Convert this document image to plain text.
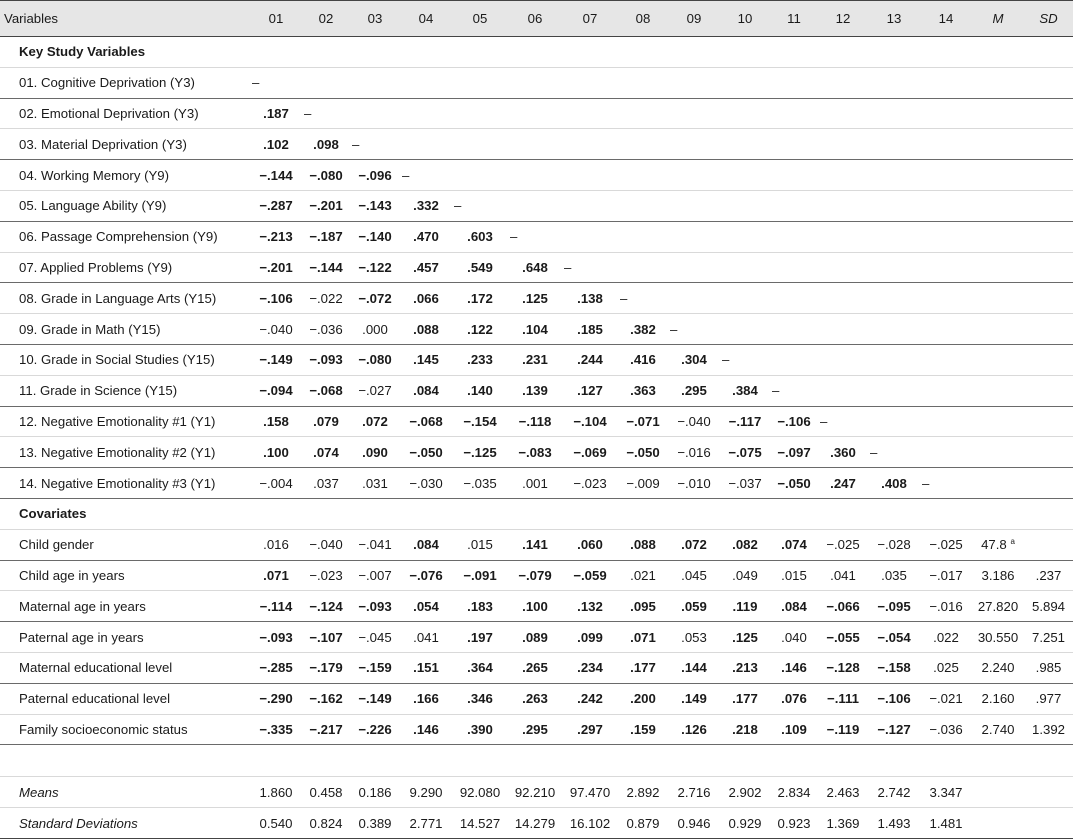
Variables	01	02	03	04	05	06	07	08	09	10	11	12	13	14	M	SD
Key Study Variables																
01. Cognitive Deprivation (Y3)	–															
02. Emotional Deprivation (Y3)	.187	–														
03. Material Deprivation (Y3)	.102	.098	–													
04. Working Memory (Y9)	−.144	−.080	−.096	–												
05. Language Ability (Y9)	−.287	−.201	−.143	.332	–											
06. Passage Comprehension (Y9)	−.213	−.187	−.140	.470	.603	–										
07. Applied Problems (Y9)	−.201	−.144	−.122	.457	.549	.648	–									
08. Grade in Language Arts (Y15)	−.106	−.022	−.072	.066	.172	.125	.138	–								
09. Grade in Math (Y15)	−.040	−.036	.000	.088	.122	.104	.185	.382	–							
10. Grade in Social Studies (Y15)	−.149	−.093	−.080	.145	.233	.231	.244	.416	.304	–						
11. Grade in Science (Y15)	−.094	−.068	−.027	.084	.140	.139	.127	.363	.295	.384	–					
12. Negative Emotionality #1 (Y1)	.158	.079	.072	−.068	−.154	−.118	−.104	−.071	−.040	−.117	−.106	–				
13. Negative Emotionality #2 (Y1)	.100	.074	.090	−.050	−.125	−.083	−.069	−.050	−.016	−.075	−.097	.360	–			
14. Negative Emotionality #3 (Y1)	−.004	.037	.031	−.030	−.035	.001	−.023	−.009	−.010	−.037	−.050	.247	.408	–		
Covariates																
Child gender	.016	−.040	−.041	.084	.015	.141	.060	.088	.072	.082	.074	−.025	−.028	−.025	47.8 $^a$	
Child age in years	.071	−.023	−.007	−.076	−.091	−.079	−.059	.021	.045	.049	.015	.041	.035	−.017	3.186	.237
Maternal age in years	−.114	−.124	−.093	.054	.183	.100	.132	.095	.059	.119	.084	−.066	−.095	−.016	27.820	5.894
Paternal age in years	−.093	−.107	−.045	.041	.197	.089	.099	.071	.053	.125	.040	−.055	−.054	.022	30.550	7.251
Maternal educational level	−.285	−.179	−.159	.151	.364	.265	.234	.177	.144	.213	.146	−.128	−.158	.025	2.240	.985
Paternal educational level	−.290	−.162	−.149	.166	.346	.263	.242	.200	.149	.177	.076	−.111	−.106	−.021	2.160	.977
Family socioeconomic status	−.335	−.217	−.226	.146	.390	.295	.297	.159	.126	.218	.109	−.119	−.127	−.036	2.740	1.392

Means	1.860	0.458	0.186	9.290	92.080	92.210	97.470	2.892	2.716	2.902	2.834	2.463	2.742	3.347		
Standard Deviations	0.540	0.824	0.389	2.771	14.527	14.279	16.102	0.879	0.946	0.929	0.923	1.369	1.493	1.481		
